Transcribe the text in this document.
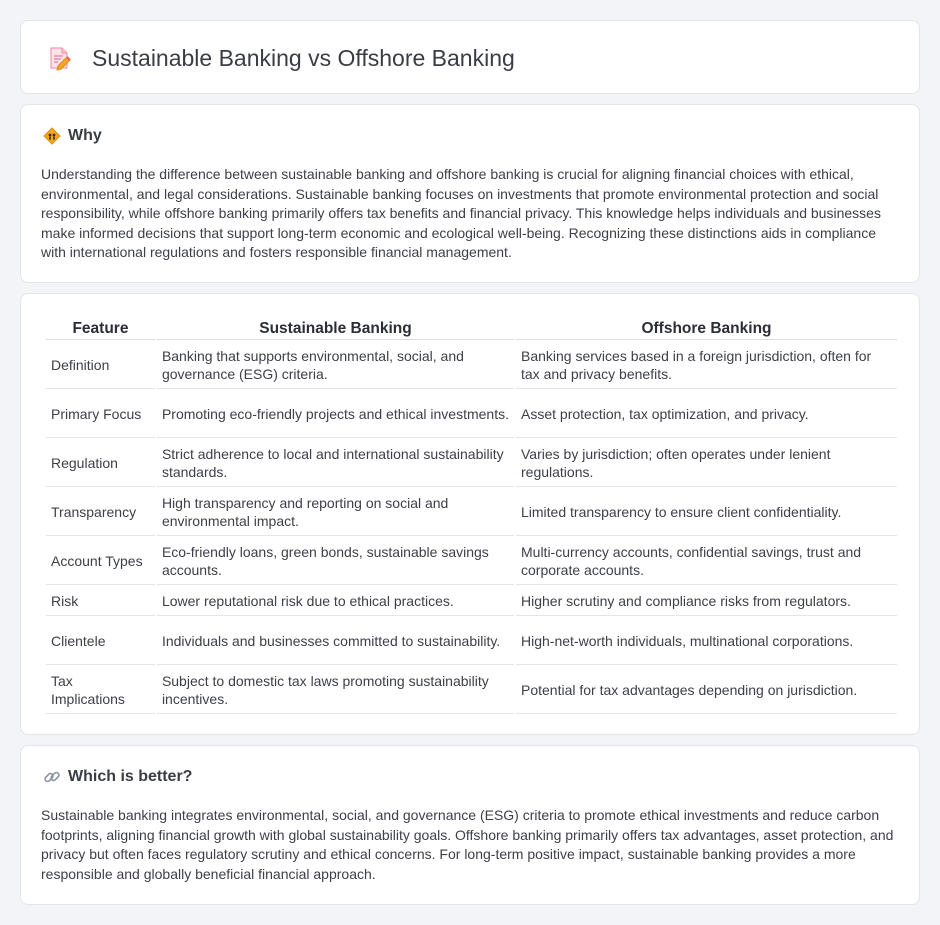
Sustainable Banking vs Offshore Banking
Why

Understanding the difference between sustainable banking and offshore banking is crucial for aligning financial choices with ethical, environmental, and legal considerations. Sustainable banking focuses on investments that promote environmental protection and social responsibility, while offshore banking primarily offers tax benefits and financial privacy. This knowledge helps individuals and businesses make informed decisions that support long-term economic and ecological well-being. Recognizing these distinctions aids in compliance with international regulations and fosters responsible financial management.

Feature	Sustainable Banking	Offshore Banking
Definition	Banking that supports environmental, social, and governance (ESG) criteria.	Banking services based in a foreign jurisdiction, often for tax and privacy benefits.
Primary Focus	Promoting eco-friendly projects and ethical investments.	Asset protection, tax optimization, and privacy.
Regulation	Strict adherence to local and international sustainability standards.	Varies by jurisdiction; often operates under lenient regulations.
Transparency	High transparency and reporting on social and environmental impact.	Limited transparency to ensure client confidentiality.
Account Types	Eco-friendly loans, green bonds, sustainable savings accounts.	Multi-currency accounts, confidential savings, trust and corporate accounts.
Risk	Lower reputational risk due to ethical practices.	Higher scrutiny and compliance risks from regulators.
Clientele	Individuals and businesses committed to sustainability.	High-net-worth individuals, multinational corporations.
Tax Implications	Subject to domestic tax laws promoting sustainability incentives.	Potential for tax advantages depending on jurisdiction.
Which is better?

Sustainable banking integrates environmental, social, and governance (ESG) criteria to promote ethical investments and reduce carbon footprints, aligning financial growth with global sustainability goals. Offshore banking primarily offers tax advantages, asset protection, and privacy but often faces regulatory scrutiny and ethical concerns. For long-term positive impact, sustainable banking provides a more responsible and globally beneficial financial approach.
